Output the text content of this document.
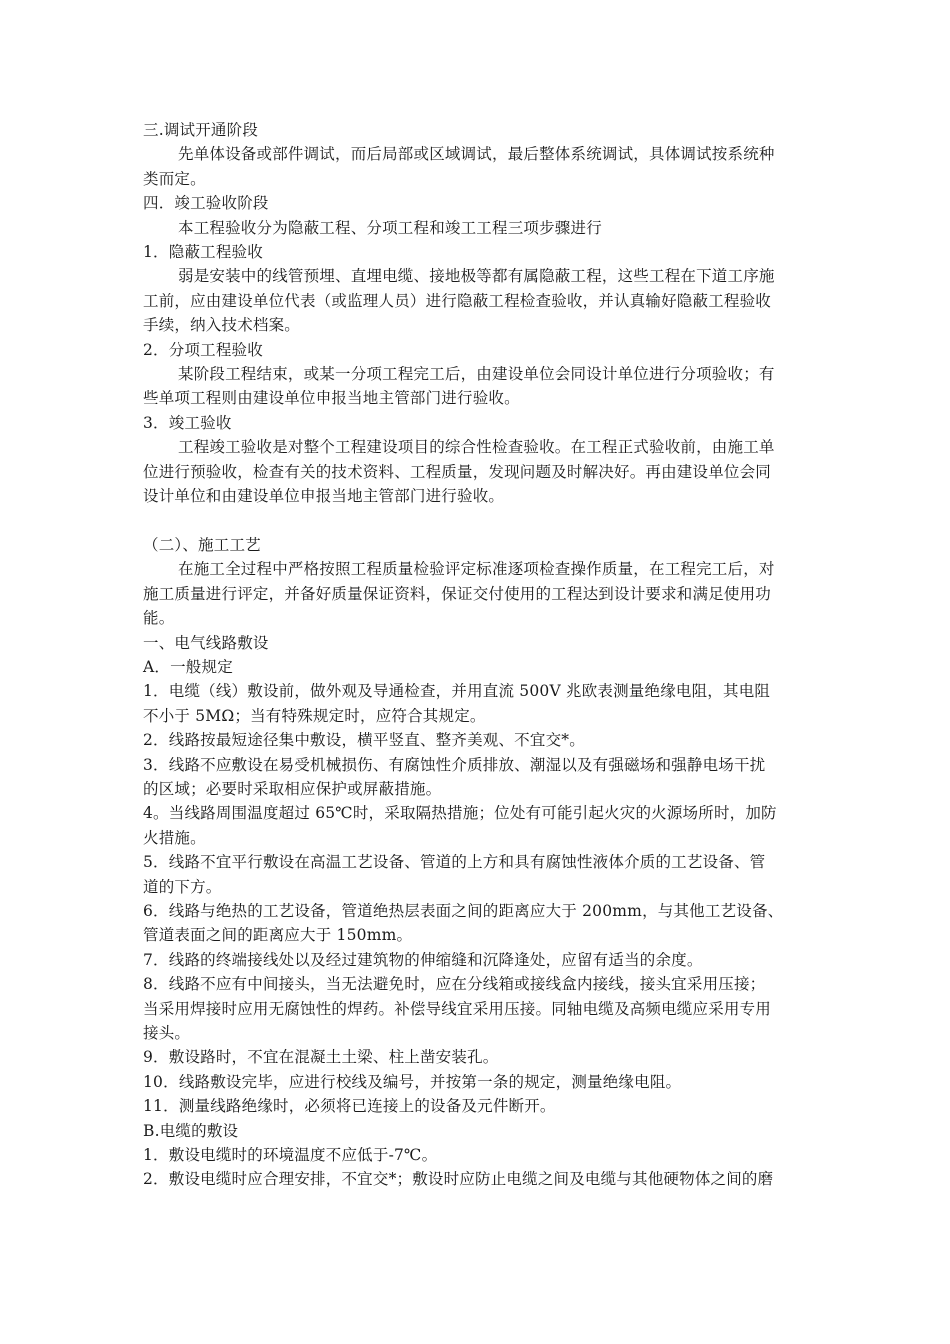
三.调试开通阶段
先单体设备或部件调试，而后局部或区域调试，最后整体系统调试，具体调试按系统种
类而定。
四．竣工验收阶段
本工程验收分为隐蔽工程、分项工程和竣工工程三项步骤进行
1．隐蔽工程验收
弱是安装中的线管预埋、直埋电缆、接地极等都有属隐蔽工程，这些工程在下道工序施
工前，应由建设单位代表（或监理人员）进行隐蔽工程检查验收，并认真输好隐蔽工程验收
手续，纳入技术档案。
2．分项工程验收
某阶段工程结束，或某一分项工程完工后，由建设单位会同设计单位进行分项验收；有
些单项工程则由建设单位申报当地主管部门进行验收。
3．竣工验收
工程竣工验收是对整个工程建设项目的综合性检查验收。在工程正式验收前，由施工单
位进行预验收，检查有关的技术资料、工程质量，发现问题及时解决好。再由建设单位会同
设计单位和由建设单位申报当地主管部门进行验收。
（二）、施工工艺
在施工全过程中严格按照工程质量检验评定标准逐项检查操作质量，在工程完工后，对
施工质量进行评定，并备好质量保证资料，保证交付使用的工程达到设计要求和满足使用功
能。
一、电气线路敷设
A．一般规定
1．电缆（线）敷设前，做外观及导通检查，并用直流 500V 兆欧表测量绝缘电阻，其电阻
不小于 5MΩ；当有特殊规定时，应符合其规定。
2．线路按最短途径集中敷设，横平竖直、整齐美观、不宜交*。
3．线路不应敷设在易受机械损伤、有腐蚀性介质排放、潮湿以及有强磁场和强静电场干扰
的区域；必要时采取相应保护或屏蔽措施。
4。当线路周围温度超过 65℃时，采取隔热措施；位处有可能引起火灾的火源场所时，加防
火措施。
5．线路不宜平行敷设在高温工艺设备、管道的上方和具有腐蚀性液体介质的工艺设备、管
道的下方。
6．线路与绝热的工艺设备，管道绝热层表面之间的距离应大于 200mm，与其他工艺设备、
管道表面之间的距离应大于 150mm。
7．线路的终端接线处以及经过建筑物的伸缩缝和沉降逢处，应留有适当的余度。
8．线路不应有中间接头，当无法避免时，应在分线箱或接线盒内接线，接头宜采用压接；
当采用焊接时应用无腐蚀性的焊药。补偿导线宜采用压接。同轴电缆及高频电缆应采用专用
接头。
9．敷设路时，不宜在混凝土土梁、柱上凿安装孔。
10．线路敷设完毕，应进行校线及编号，并按第一条的规定，测量绝缘电阻。
11．测量线路绝缘时，必须将已连接上的设备及元件断开。
B.电缆的敷设
1．敷设电缆时的环境温度不应低于-7℃。
2．敷设电缆时应合理安排，不宜交*；敷设时应防止电缆之间及电缆与其他硬物体之间的磨
